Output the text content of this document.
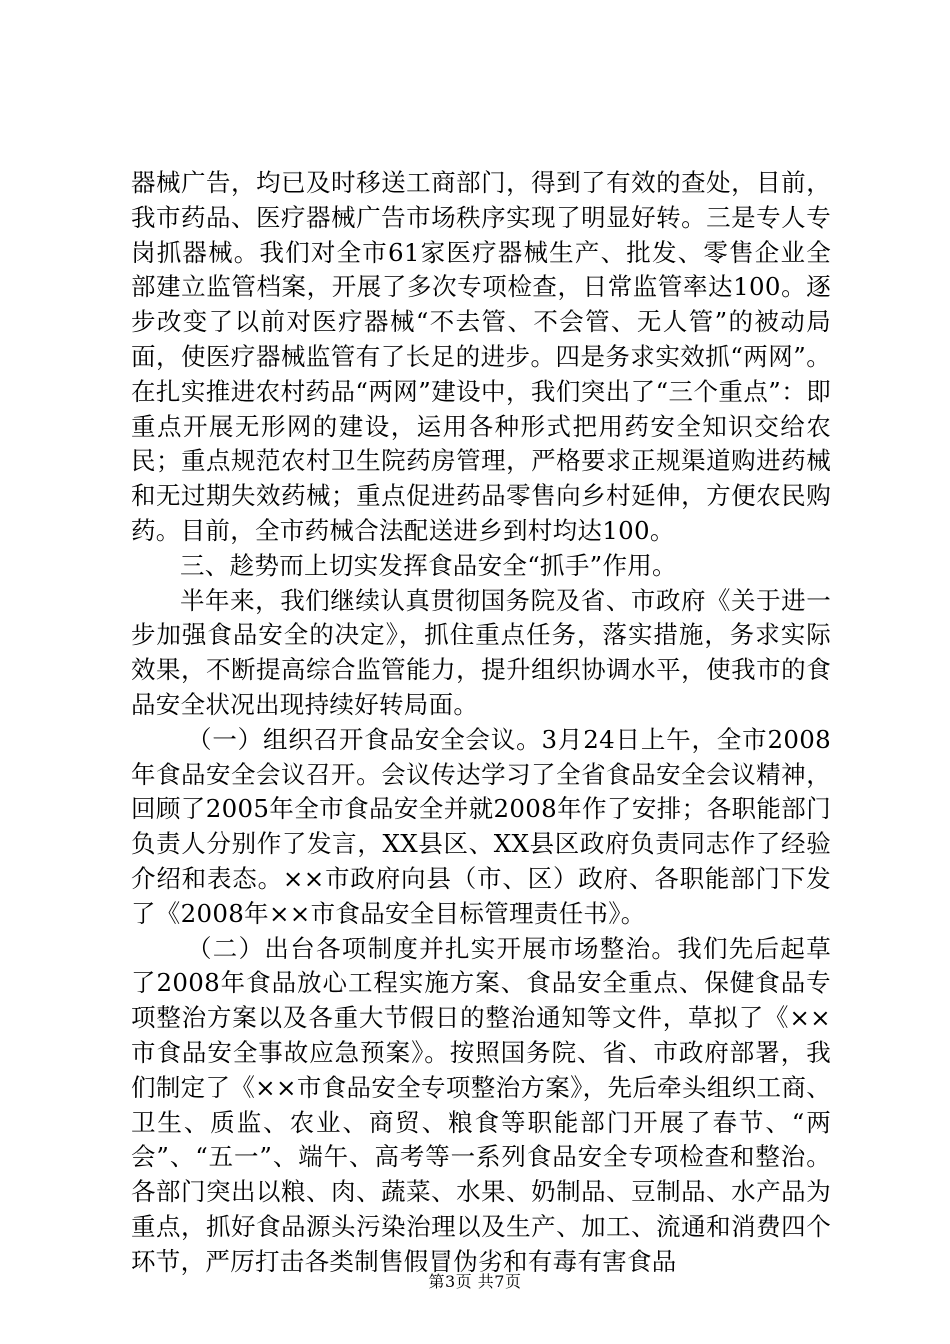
器械广告，均已及时移送工商部门，得到了有效的查处，目前，我市药品、医疗器械广告市场秩序实现了明显好转。三是专人专岗抓器械。我们对全市61家医疗器械生产、批发、零售企业全部建立监管档案，开展了多次专项检查，日常监管率达100。逐步改变了以前对医疗器械“不去管、不会管、无人管”的被动局面，使医疗器械监管有了长足的进步。四是务求实效抓“两网”。在扎实推进农村药品“两网”建设中，我们突出了“三个重点”：即重点开展无形网的建设，运用各种形式把用药安全知识交给农民；重点规范农村卫生院药房管理，严格要求正规渠道购进药械和无过期失效药械；重点促进药品零售向乡村延伸，方便农民购药。目前，全市药械合法配送进乡到村均达100。

三、趁势而上切实发挥食品安全“抓手”作用。

半年来，我们继续认真贯彻国务院及省、市政府《关于进一步加强食品安全的决定》，抓住重点任务，落实措施，务求实际效果，不断提高综合监管能力，提升组织协调水平，使我市的食品安全状况出现持续好转局面。

（一）组织召开食品安全会议。3月24日上午，全市2008年食品安全会议召开。会议传达学习了全省食品安全会议精神，回顾了2005年全市食品安全并就2008年作了安排；各职能部门负责人分别作了发言，XX县区、XX县区政府负责同志作了经验介绍和表态。××市政府向县（市、区）政府、各职能部门下发了《2008年××市食品安全目标管理责任书》。

（二）出台各项制度并扎实开展市场整治。我们先后起草了2008年食品放心工程实施方案、食品安全重点、保健食品专项整治方案以及各重大节假日的整治通知等文件，草拟了《××市食品安全事故应急预案》。按照国务院、省、市政府部署，我们制定了《××市食品安全专项整治方案》，先后牵头组织工商、卫生、质监、农业、商贸、粮食等职能部门开展了春节、“两会”、“五一”、端午、高考等一系列食品安全专项检查和整治。各部门突出以粮、肉、蔬菜、水果、奶制品、豆制品、水产品为重点，抓好食品源头污染治理以及生产、加工、流通和消费四个环节，严厉打击各类制售假冒伪劣和有毒有害食品

第3页 共7页
